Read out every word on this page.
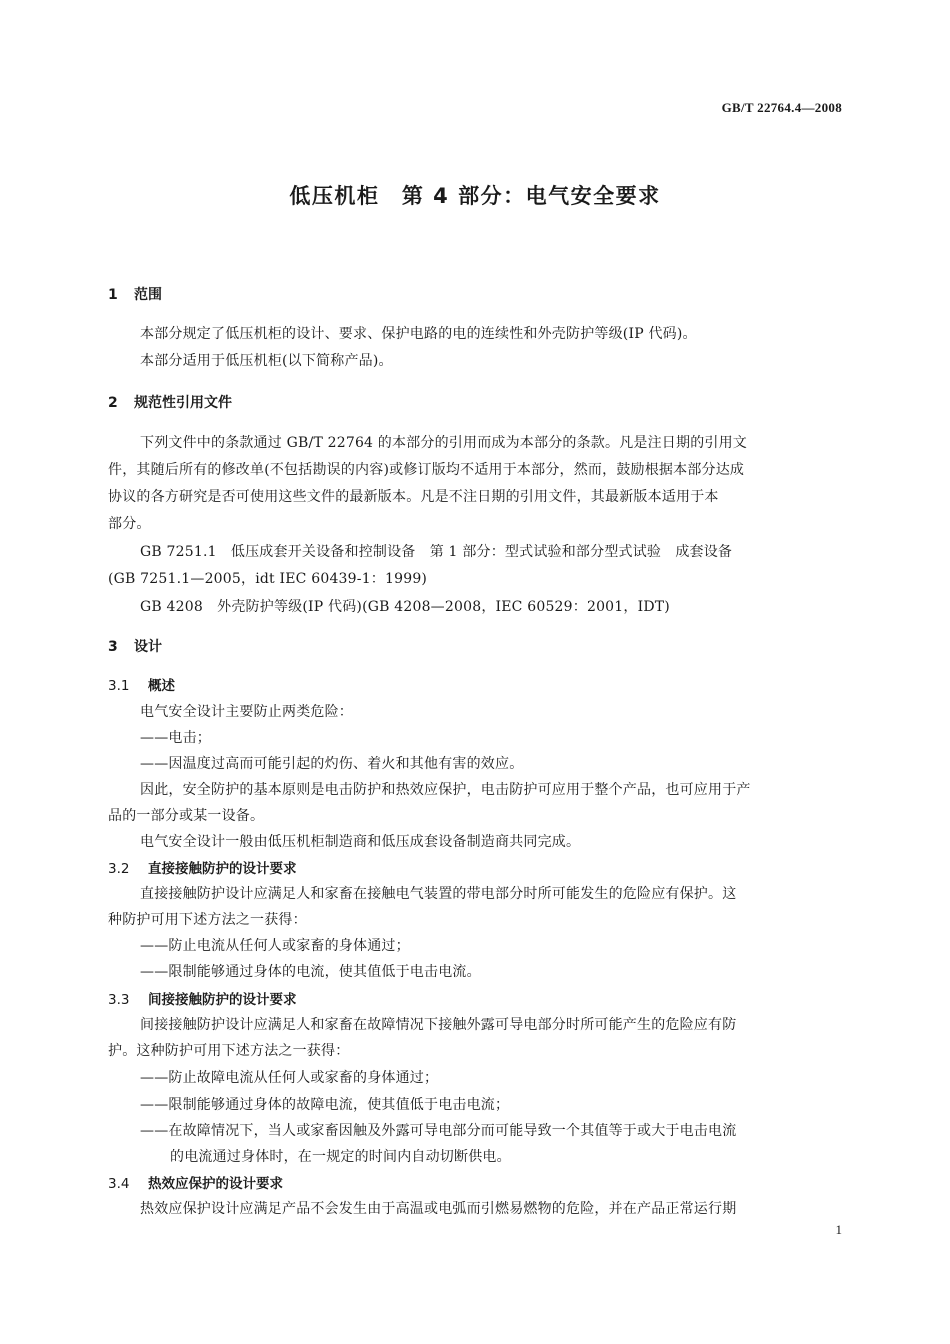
GB/T 22764.4—2008
低压机柜　第 4 部分：电气安全要求
1 范围
本部分规定了低压机柜的设计、要求、保护电路的电的连续性和外壳防护等级(IP 代码)。
本部分适用于低压机柜(以下简称产品)。
2 规范性引用文件
下列文件中的条款通过 GB/T 22764 的本部分的引用而成为本部分的条款。凡是注日期的引用文
件，其随后所有的修改单(不包括勘误的内容)或修订版均不适用于本部分，然而，鼓励根据本部分达成
协议的各方研究是否可使用这些文件的最新版本。凡是不注日期的引用文件，其最新版本适用于本
部分。
GB 7251.1　低压成套开关设备和控制设备　第 1 部分：型式试验和部分型式试验　成套设备
(GB 7251.1—2005，idt IEC 60439-1：1999)
GB 4208　外壳防护等级(IP 代码)(GB 4208—2008，IEC 60529：2001，IDT)
3 设计
3.1 概述
电气安全设计主要防止两类危险：
——电击；
——因温度过高而可能引起的灼伤、着火和其他有害的效应。
因此，安全防护的基本原则是电击防护和热效应保护，电击防护可应用于整个产品，也可应用于产
品的一部分或某一设备。
电气安全设计一般由低压机柜制造商和低压成套设备制造商共同完成。
3.2 直接接触防护的设计要求
直接接触防护设计应满足人和家畜在接触电气装置的带电部分时所可能发生的危险应有保护。这
种防护可用下述方法之一获得：
——防止电流从任何人或家畜的身体通过；
——限制能够通过身体的电流，使其值低于电击电流。
3.3 间接接触防护的设计要求
间接接触防护设计应满足人和家畜在故障情况下接触外露可导电部分时所可能产生的危险应有防
护。这种防护可用下述方法之一获得：
——防止故障电流从任何人或家畜的身体通过；
——限制能够通过身体的故障电流，使其值低于电击电流；
——在故障情况下，当人或家畜因触及外露可导电部分而可能导致一个其值等于或大于电击电流
的电流通过身体时，在一规定的时间内自动切断供电。
3.4 热效应保护的设计要求
热效应保护设计应满足产品不会发生由于高温或电弧而引燃易燃物的危险，并在产品正常运行期
1
